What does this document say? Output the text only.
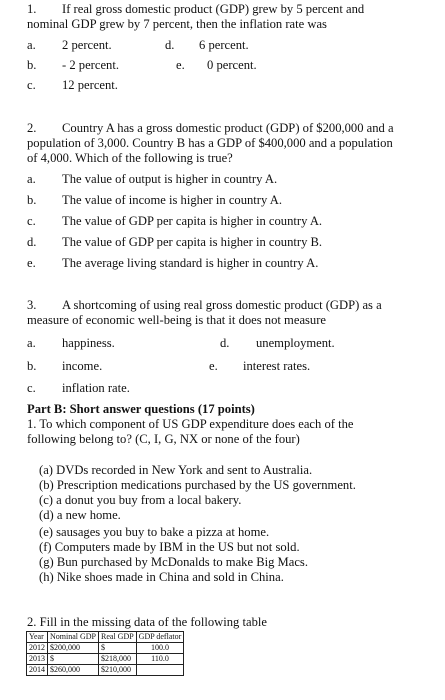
1. If real gross domestic product (GDP) grew by 5 percent and
nominal GDP grew by 7 percent, then the inflation rate was
a. 2 percent.	d. 6 percent.
b. - 2 percent.	e. 0 percent.
c. 12 percent.
2. Country A has a gross domestic product (GDP) of $200,000 and a
population of 3,000. Country B has a GDP of $400,000 and a population
of 4,000. Which of the following is true?
a. The value of output is higher in country A.
b. The value of income is higher in country A.
c. The value of GDP per capita is higher in country A.
d. The value of GDP per capita is higher in country B.
e. The average living standard is higher in country A.
3. A shortcoming of using real gross domestic product (GDP) as a
measure of economic well-being is that it does not measure
a. happiness.	d. unemployment.
b. income.	e. interest rates.
c. inflation rate.
Part B: Short answer questions (17 points)
1. To which component of US GDP expenditure does each of the
following belong to? (C, I, G, NX or none of the four)
(a) DVDs recorded in New York and sent to Australia.
(b) Prescription medications purchased by the US government.
(c) a donut you buy from a local bakery.
(d) a new home.
(e) sausages you buy to bake a pizza at home.
(f) Computers made by IBM in the US but not sold.
(g) Bun purchased by McDonalds to make Big Macs.
(h) Nike shoes made in China and sold in China.
2. Fill in the missing data of the following table
Year	Nominal GDP	Real GDP	GDP deflator
2012	$200,000	$	100.0
2013	$	$218,000	110.0
2014	$260,000	$210,000	
